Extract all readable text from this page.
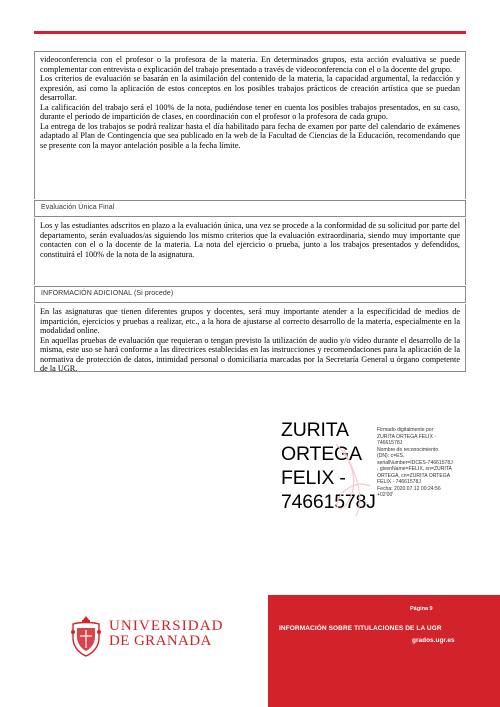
videoconferencia con el profesor o la profesora de la materia. En determinados grupos, esta acción evaluativa se puede complementar con entrevista o explicación del trabajo presentado a través de videoconferencia con el o la docente del grupo.

Los criterios de evaluación se basarán en la asimilación del contenido de la materia, la capacidad argumental, la redacción y expresión, así como la aplicación de estos conceptos en los posibles trabajos prácticos de creación artística que se puedan desarrollar.

La calificación del trabajo será el 100% de la nota, pudiéndose tener en cuenta los posibles trabajos presentados, en su caso, durante el periodo de impartición de clases, en coordinación con el profesor o la profesora de cada grupo.

La entrega de los trabajos se podrá realizar hasta el día habilitado para fecha de examen por parte del calendario de exámenes adaptado al Plan de Contingencia que sea publicado en la web de la Facultad de Ciencias de la Educación, recomendando que se presente con la mayor antelación posible a la fecha límite.

Evaluación Única Final

Los y las estudiantes adscritos en plazo a la evaluación única, una vez se procede a la conformidad de su solicitud por parte del departamento, serán evaluados/as siguiendo los mismo criterios que la evaluación extraordinaria, siendo muy importante que contacten con el o la docente de la materia. La nota del ejercicio o prueba, junto a los trabajos presentados y defendidos, constituirá el 100% de la nota de la asignatura.

INFORMACIÓN ADICIONAL (Si procede)

En las asignaturas que tienen diferentes grupos y docentes, será muy importante atender a la especificidad de medios de impartición, ejercicios y pruebas a realizar, etc., a la hora de ajustarse al correcto desarrollo de la materia, especialmente en la modalidad online.

En aquellas pruebas de evaluación que requieran o tengan previsto la utilización de audio y/o vídeo durante el desarrollo de la misma, este uso se hará conforme a las directrices establecidas en las instrucciones y recomendaciones para la aplicación de la normativa de protección de datos, intimidad personal o domiciliaria marcadas por la Secretaría General u órgano competente de la UGR.

ZURITA
ORTEGA
FELIX -
74661578J
Firmado digitalmente por
ZURITA ORTEGA FELIX -
74661578J
Nombre de reconocimiento
(DN): c=ES,
serialNumber=IDCES-74661578J
, givenName=FELIX, sn=ZURITA
ORTEGA, cn=ZURITA ORTEGA
FELIX - 74661578J
Fecha: 2020.07.12 00:24:56
+02'00'
UNIVERSIDAD
DE GRANADA
Página 9
INFORMACIÓN SOBRE TITULACIONES DE LA UGR
grados.ugr.es
